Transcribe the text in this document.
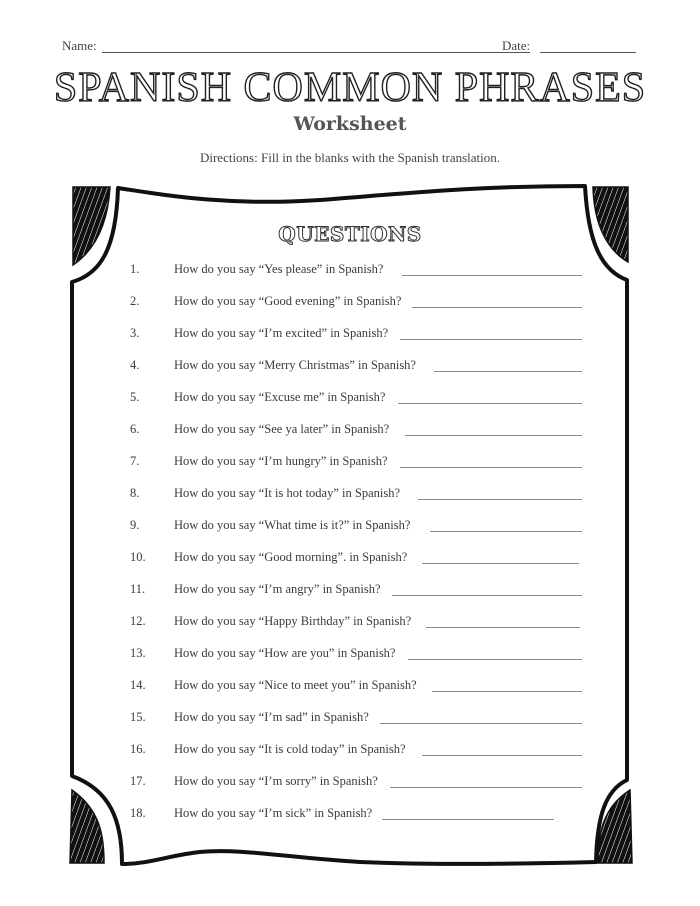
Name:	Date:
SPANISH COMMON PHRASES
Worksheet
Directions: Fill in the blanks with the Spanish translation.
QUESTIONS
1.	How do you say “Yes please” in Spanish?
2.	How do you say “Good evening” in Spanish?
3.	How do you say “I’m excited” in Spanish?
4.	How do you say “Merry Christmas” in Spanish?
5.	How do you say “Excuse me” in Spanish?
6.	How do you say “See ya later” in Spanish?
7.	How do you say “I’m hungry” in Spanish?
8.	How do you say “It is hot today” in Spanish?
9.	How do you say “What time is it?” in Spanish?
10.	How do you say “Good morning”. in Spanish?
11.	How do you say “I’m angry” in Spanish?
12.	How do you say “Happy Birthday” in Spanish?
13.	How do you say “How are you” in Spanish?
14.	How do you say “Nice to meet you” in Spanish?
15.	How do you say “I’m sad” in Spanish?
16.	How do you say “It is cold today” in Spanish?
17.	How do you say “I’m sorry” in Spanish?
18.	How do you say “I’m sick” in Spanish?
